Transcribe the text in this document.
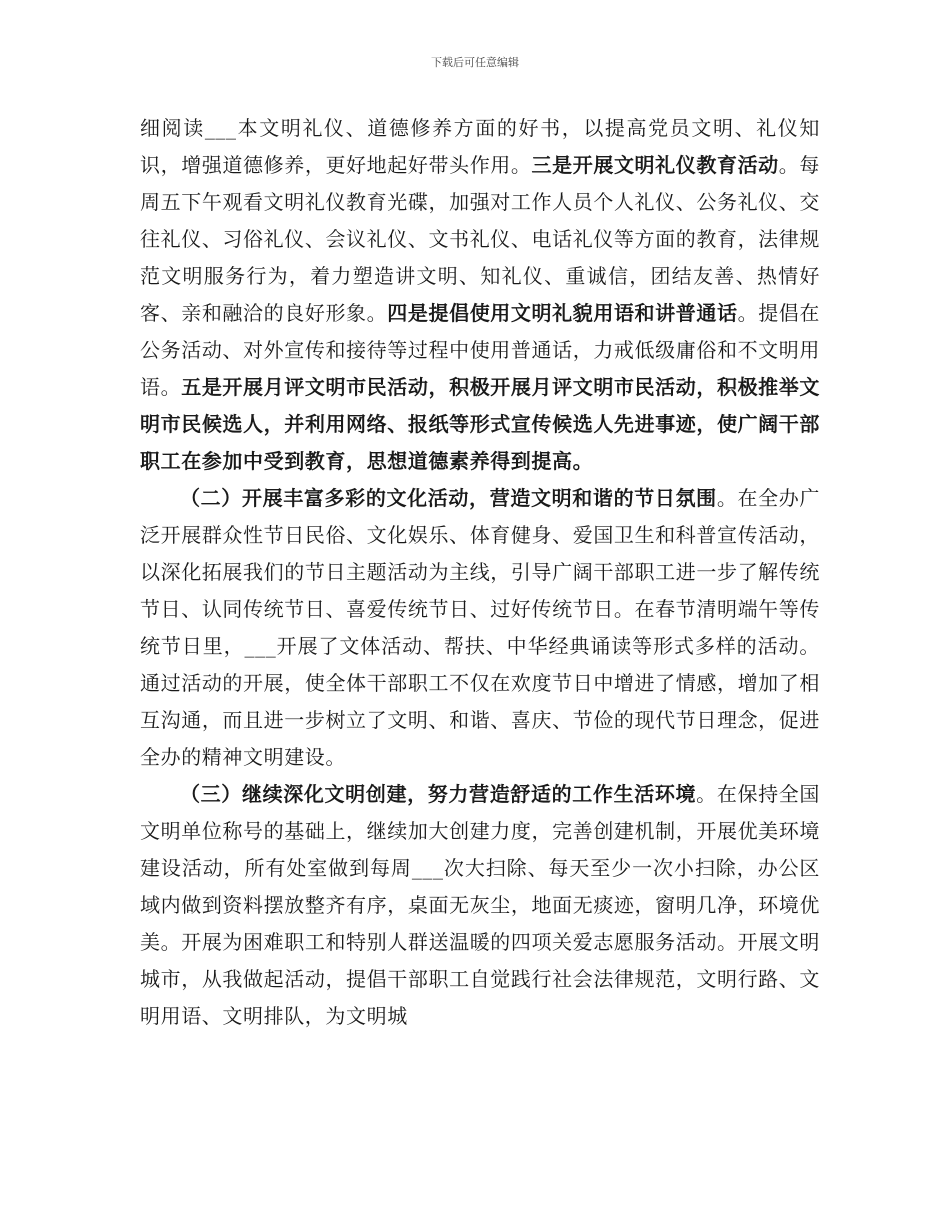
下载后可任意编辑

细阅读___本文明礼仪、道德修养方面的好书，以提高党员文明、礼仪知识，增强道德修养，更好地起好带头作用。三是开展文明礼仪教育活动。每周五下午观看文明礼仪教育光碟，加强对工作人员个人礼仪、公务礼仪、交往礼仪、习俗礼仪、会议礼仪、文书礼仪、电话礼仪等方面的教育，法律规范文明服务行为，着力塑造讲文明、知礼仪、重诚信，团结友善、热情好客、亲和融洽的良好形象。四是提倡使用文明礼貌用语和讲普通话。提倡在公务活动、对外宣传和接待等过程中使用普通话，力戒低级庸俗和不文明用语。五是开展月评文明市民活动，积极开展月评文明市民活动，积极推举文明市民候选人，并利用网络、报纸等形式宣传候选人先进事迹，使广阔干部职工在参加中受到教育，思想道德素养得到提高。

（二）开展丰富多彩的文化活动，营造文明和谐的节日氛围。在全办广泛开展群众性节日民俗、文化娱乐、体育健身、爱国卫生和科普宣传活动，以深化拓展我们的节日主题活动为主线，引导广阔干部职工进一步了解传统节日、认同传统节日、喜爱传统节日、过好传统节日。在春节清明端午等传统节日里，___开展了文体活动、帮扶、中华经典诵读等形式多样的活动。通过活动的开展，使全体干部职工不仅在欢度节日中增进了情感，增加了相互沟通，而且进一步树立了文明、和谐、喜庆、节俭的现代节日理念，促进全办的精神文明建设。

（三）继续深化文明创建，努力营造舒适的工作生活环境。在保持全国文明单位称号的基础上，继续加大创建力度，完善创建机制，开展优美环境建设活动，所有处室做到每周___次大扫除、每天至少一次小扫除，办公区域内做到资料摆放整齐有序，桌面无灰尘，地面无痰迹，窗明几净，环境优美。开展为困难职工和特别人群送温暖的四项关爱志愿服务活动。开展文明城市，从我做起活动，提倡干部职工自觉践行社会法律规范，文明行路、文明用语、文明排队，为文明城
